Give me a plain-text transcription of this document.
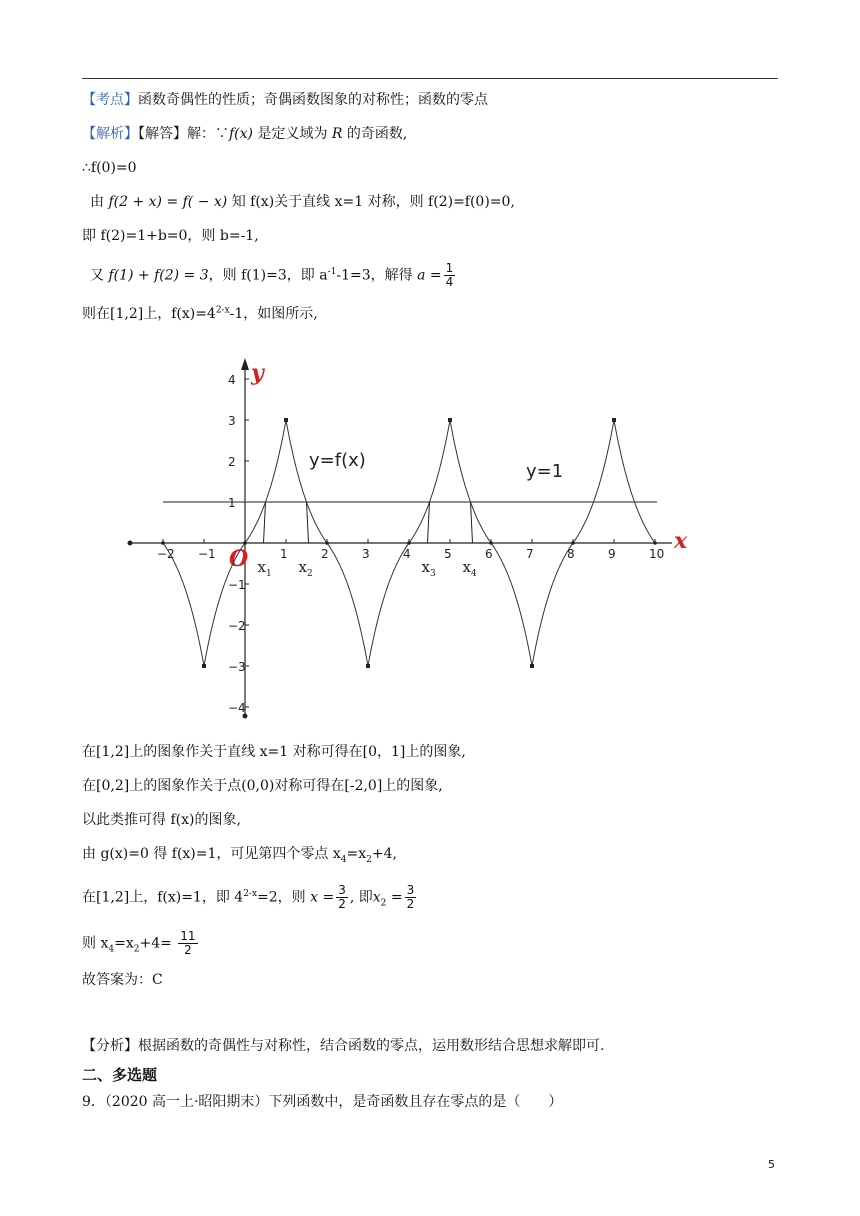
【考点】函数奇偶性的性质；奇偶函数图象的对称性；函数的零点
【解析】【解答】解：∵f(x) 是定义域为 R 的奇函数,
∴f(0)=0
由 f(2 + x) = f( − x) 知 f(x)关于直线 x=1 对称，则 f(2)=f(0)=0,
即 f(2)=1+b=0，则 b=-1,
又 f(1) + f(2) = 3，则 f(1)=3，即 $a^{-1}-1=3$，解得 $a = \frac{1}{4}$
则在[1,2]上，$f(x)=4^{2-x}-1$，如图所示,
x
y
O
−2 −1	1	2	3	4	5	6	7	8	9	10
4
3
2
1
−1
−2
−3
−4
$x_1$ $x_2$	$x_3$ $x_4$
y=f(x)
y=1
在[1,2]上的图象作关于直线 x=1 对称可得在[0，1]上的图象,
在[0,2]上的图象作关于点(0,0)对称可得在[-2,0]上的图象,
以此类推可得 f(x)的图象,
由 g(x)=0 得 f(x)=1，可见第四个零点 $x_4=x_2+4$,
在[1,2]上，f(x)=1，即 $4^{2-x}=2$，则 $x = \frac{3}{2}$ , 即$x_2 = \frac{3}{2}$
则 $x_4=x_2+4= \frac{11}{2}$
故答案为：C
【分析】根据函数的奇偶性与对称性，结合函数的零点，运用数形结合思想求解即可.
二、多选题
9．（2020 高一上·昭阳期末）下列函数中，是奇函数且存在零点的是（　　）
5
